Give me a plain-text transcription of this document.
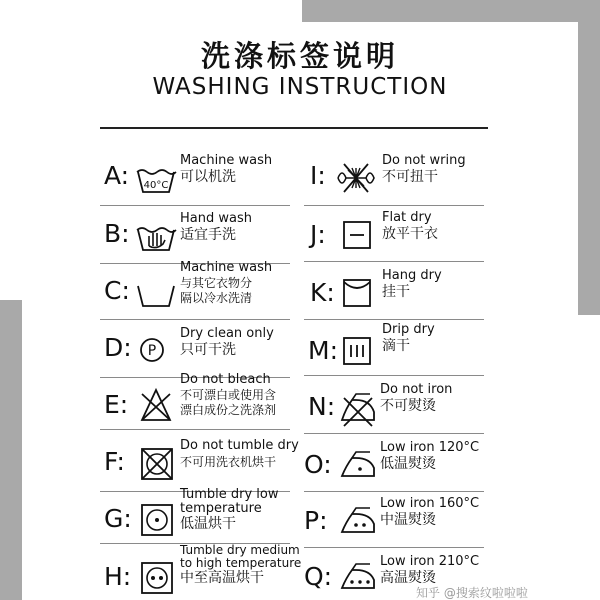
洗涤标签说明
WASHING INSTRUCTION
A: 40°C
Machine wash
可以机洗
B:
Hand wash
适宜手洗
C:
Machine wash
与其它衣物分
隔以冷水洗清
D: P
Dry clean only
只可干洗
E:
Do not bleach
不可漂白或使用含
漂白成份之洗涤剂
F:
Do not tumble dry
不可用洗衣机烘干
G:
Tumble dry low
temperature
低温烘干
H:
Tumble dry medium
to high temperature
中至高温烘干
I:
Do not wring
不可扭干
J:
Flat dry
放平干衣
K:
Hang dry
挂干
M:
Drip dry
滴干
N:
Do not iron
不可熨烫
O:
Low iron 120°C
低温熨烫
P:
Low iron 160°C
中温熨烫
Q:
Low iron 210°C
高温熨烫
知乎 @搜索纹啦啦啦
